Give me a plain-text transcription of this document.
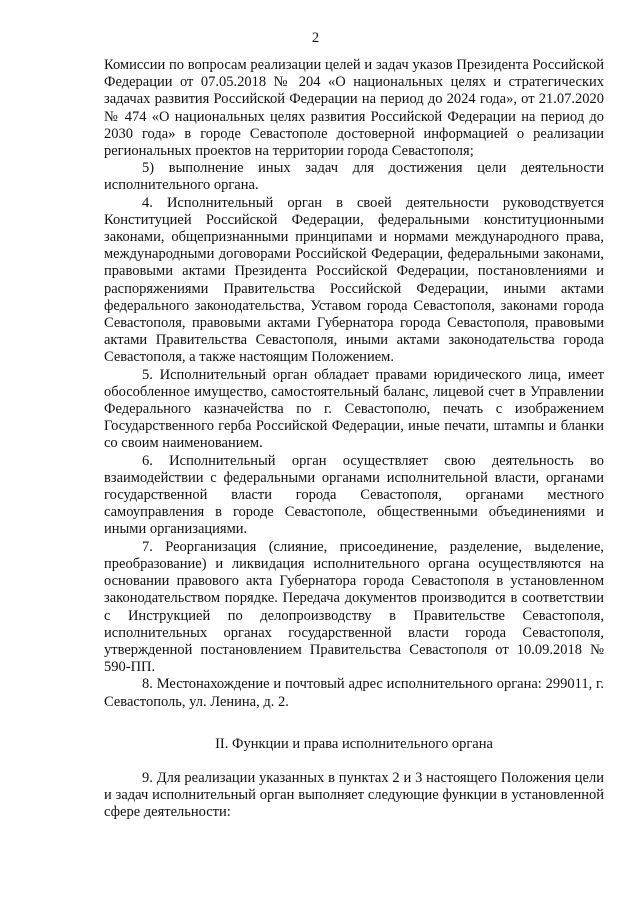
2

Комиссии по вопросам реализации целей и задач указов Президента Российской Федерации от 07.05.2018 № 204 «О национальных целях и стратегических задачах развития Российской Федерации на период до 2024 года», от 21.07.2020 № 474 «О национальных целях развития Российской Федерации на период до 2030 года» в городе Севастополе достоверной информацией о реализации региональных проектов на территории города Севастополя;

5) выполнение иных задач для достижения цели деятельности исполнительного органа.

4. Исполнительный орган в своей деятельности руководствуется Конституцией Российской Федерации, федеральными конституционными законами, общепризнанными принципами и нормами международного права, международными договорами Российской Федерации, федеральными законами, правовыми актами Президента Российской Федерации, постановлениями и распоряжениями Правительства Российской Федерации, иными актами федерального законодательства, Уставом города Севастополя, законами города Севастополя, правовыми актами Губернатора города Севастополя, правовыми актами Правительства Севастополя, иными актами законодательства города Севастополя, а также настоящим Положением.

5. Исполнительный орган обладает правами юридического лица, имеет обособленное имущество, самостоятельный баланс, лицевой счет в Управлении Федерального казначейства по г. Севастополю, печать с изображением Государственного герба Российской Федерации, иные печати, штампы и бланки со своим наименованием.

6. Исполнительный орган осуществляет свою деятельность во взаимодействии с федеральными органами исполнительной власти, органами государственной власти города Севастополя, органами местного самоуправления в городе Севастополе, общественными объединениями и иными организациями.

7. Реорганизация (слияние, присоединение, разделение, выделение, преобразование) и ликвидация исполнительного органа осуществляются на основании правового акта Губернатора города Севастополя в установленном законодательством порядке. Передача документов производится в соответствии с Инструкцией по делопроизводству в Правительстве Севастополя, исполнительных органах государственной власти города Севастополя, утвержденной постановлением Правительства Севастополя от 10.09.2018 № 590-ПП.

8. Местонахождение и почтовый адрес исполнительного органа: 299011, г. Севастополь, ул. Ленина, д. 2.

II. Функции и права исполнительного органа

9. Для реализации указанных в пунктах 2 и 3 настоящего Положения цели и задач исполнительный орган выполняет следующие функции в установленной сфере деятельности:
